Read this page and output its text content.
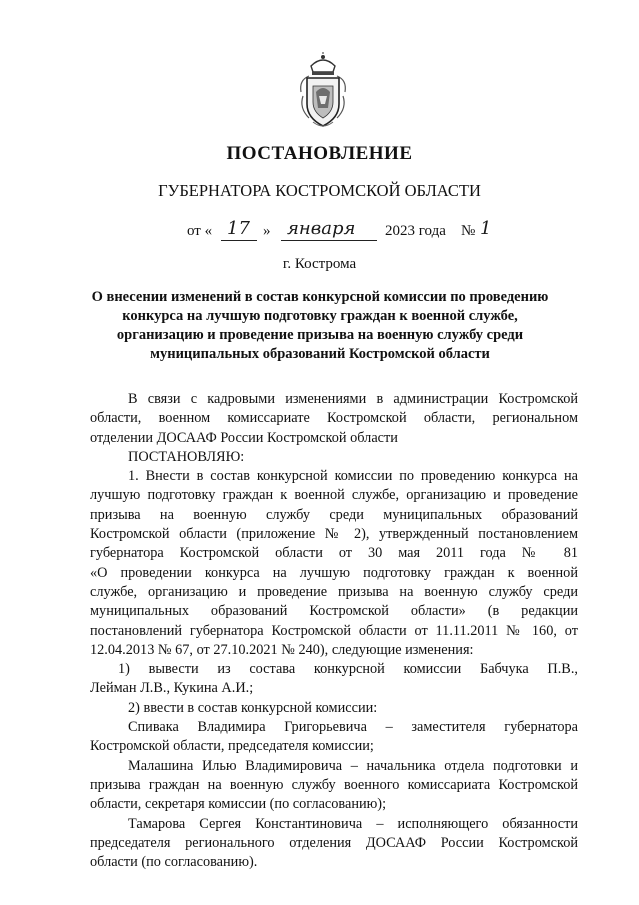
ПОСТАНОВЛЕНИЕ
ГУБЕРНАТОРА КОСТРОМСКОЙ ОБЛАСТИ
от « 17 » января 2023 года № 1
г. Кострома
О внесении изменений в состав конкурсной комиссии по проведению
конкурса на лучшую подготовку граждан к военной службе,
организацию и проведение призыва на военную службу среди
муниципальных образований Костромской области
В связи с кадровыми изменениями в администрации Костромской
области, военном комиссариате Костромской области, региональном
отделении ДОСААФ России Костромской области
ПОСТАНОВЛЯЮ:
1. Внести в состав конкурсной комиссии по проведению конкурса на
лучшую подготовку граждан к военной службе, организацию и проведение
призыва на военную службу среди муниципальных образований
Костромской области (приложение № 2), утвержденный постановлением
губернатора Костромской области от 30 мая 2011 года № 81
«О проведении конкурса на лучшую подготовку граждан к военной
службе, организацию и проведение призыва на военную службу среди
муниципальных образований Костромской области» (в редакции
постановлений губернатора Костромской области от 11.11.2011 № 160, от
12.04.2013 № 67, от 27.10.2021 № 240), следующие изменения:
1) вывести из состава конкурсной комиссии Бабчука П.В.,
Лейман Л.В., Кукина А.И.;
2) ввести в состав конкурсной комиссии:
Спивака Владимира Григорьевича – заместителя губернатора
Костромской области, председателя комиссии;
Малашина Илью Владимировича – начальника отдела подготовки и
призыва граждан на военную службу военного комиссариата Костромской
области, секретаря комиссии (по согласованию);
Тамарова Сергея Константиновича – исполняющего обязанности
председателя регионального отделения ДОСААФ России Костромской
области (по согласованию).
